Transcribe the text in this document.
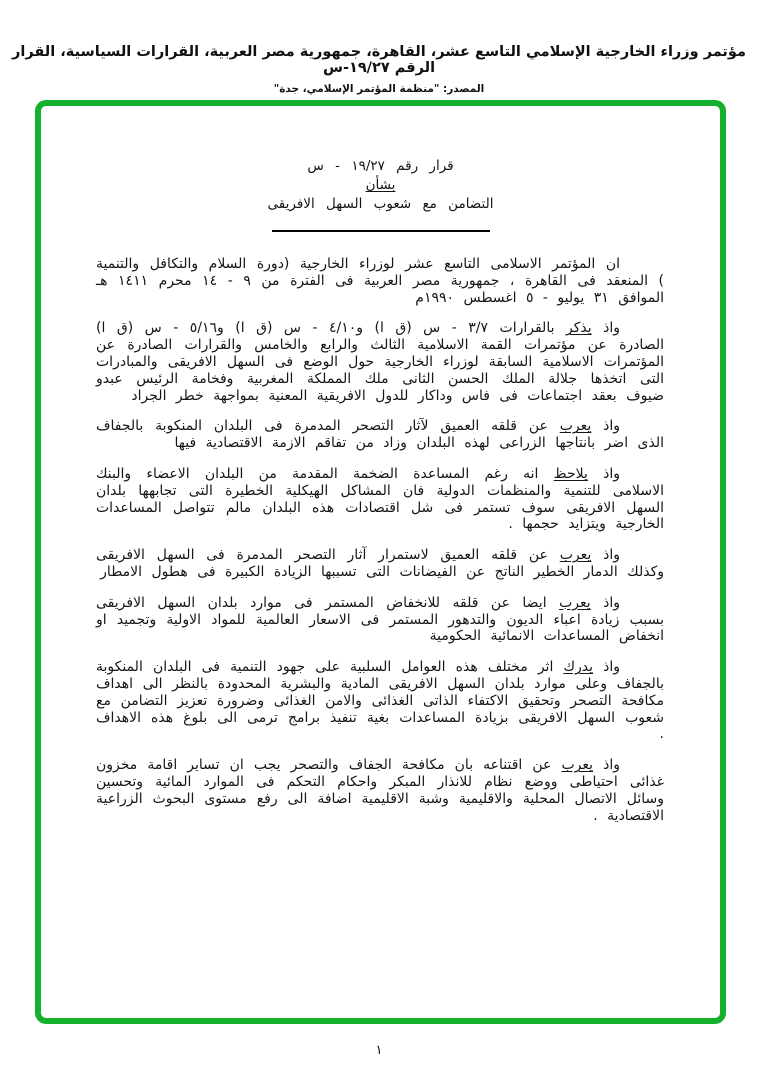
مؤتمر وزراء الخارجية الإسلامي التاسع عشر، القاهرة، جمهورية مصر العربية، القرارات السياسية، القرار الرقم ١٩/٢٧-س
المصدر: "منظمة المؤتمر الإسلامي، جدة"
قرار رقم ١٩/٢٧ - س
بشأن
التضامن مع شعوب السهل الافريقى

ان المؤتمر الاسلامى التاسع عشر لوزراء الخارجية (دورة السلام والتكافل والتنمية ) المنعقد فى القاهرة ، جمهورية مصر العربية فى الفترة من ٩ - ١٤ محرم ١٤١١ هـ الموافق ٣١ يوليو - ٥ اغسطس ١٩٩٠م

واذ يذكر بالقرارات ٣/٧ - س (ق ا) و٤/١٠ - س (ق ا) و٥/١٦ - س (ق ا) الصادرة عن مؤتمرات القمة الاسلامية الثالث والرابع والخامس والقرارات الصادرة عن المؤتمرات الاسلامية السابقة لوزراء الخارجية حول الوضع فى السهل الافريقى والمبادرات التى اتخذها جلالة الملك الحسن الثانى ملك المملكة المغربية وفخامة الرئيس عبدو ضيوف بعقد اجتماعات فى فاس وداكار للدول الافريقية المعنية بمواجهة خطر الجراد

واذ يعرب عن قلقه العميق لآثار التصحر المدمرة فى البلدان المنكوبة بالجفاف الذى اضر بانتاجها الزراعى لهذه البلدان وزاد من تفاقم الازمة الاقتصادية فيها

واذ يلاحظ انه رغم المساعدة الضخمة المقدمة من البلدان الاعضاء والبنك الاسلامى للتنمية والمنظمات الدولية فان المشاكل الهيكلية الخطيرة التى تجابهها بلدان السهل الافريقى سوف تستمر فى شل اقتصادات هذه البلدان مالم تتواصل المساعدات الخارجية ويتزايد حجمها .

واذ يعرب عن قلقه العميق لاستمرار آثار التصحر المدمرة فى السهل الافريقى وكذلك الدمار الخطير الناتج عن الفيضانات التى تسببها الزيادة الكبيرة فى هطول الامطار

واذ يعرب ايضا عن قلقه للانخفاض المستمر فى موارد بلدان السهل الافريقى بسبب زيادة اعباء الديون والتدهور المستمر فى الاسعار العالمية للمواد الاولية وتجميد او انخفاض المساعدات الانمائية الحكومية

واذ يدرك اثر مختلف هذه العوامل السلبية على جهود التنمية فى البلدان المنكوبة بالجفاف وعلى موارد بلدان السهل الافريقى المادية والبشرية المحدودة بالنظر الى اهداف مكافحة التصحر وتحقيق الاكتفاء الذاتى الغذائى والامن الغذائى وضرورة تعزيز التضامن مع شعوب السهل الافريقى بزيادة المساعدات بغية تنفيذ برامج ترمى الى بلوغ هذه الاهداف .

واذ يعرب عن اقتناعه بان مكافحة الجفاف والتصحر يجب ان تساير اقامة مخزون غذائى احتياطى ووضع نظام للانذار المبكر واحكام التحكم فى الموارد المائية وتحسين وسائل الاتصال المحلية والاقليمية وشبة الاقليمية اضافة الى رفع مستوى البحوث الزراعية الاقتصادية .

١
